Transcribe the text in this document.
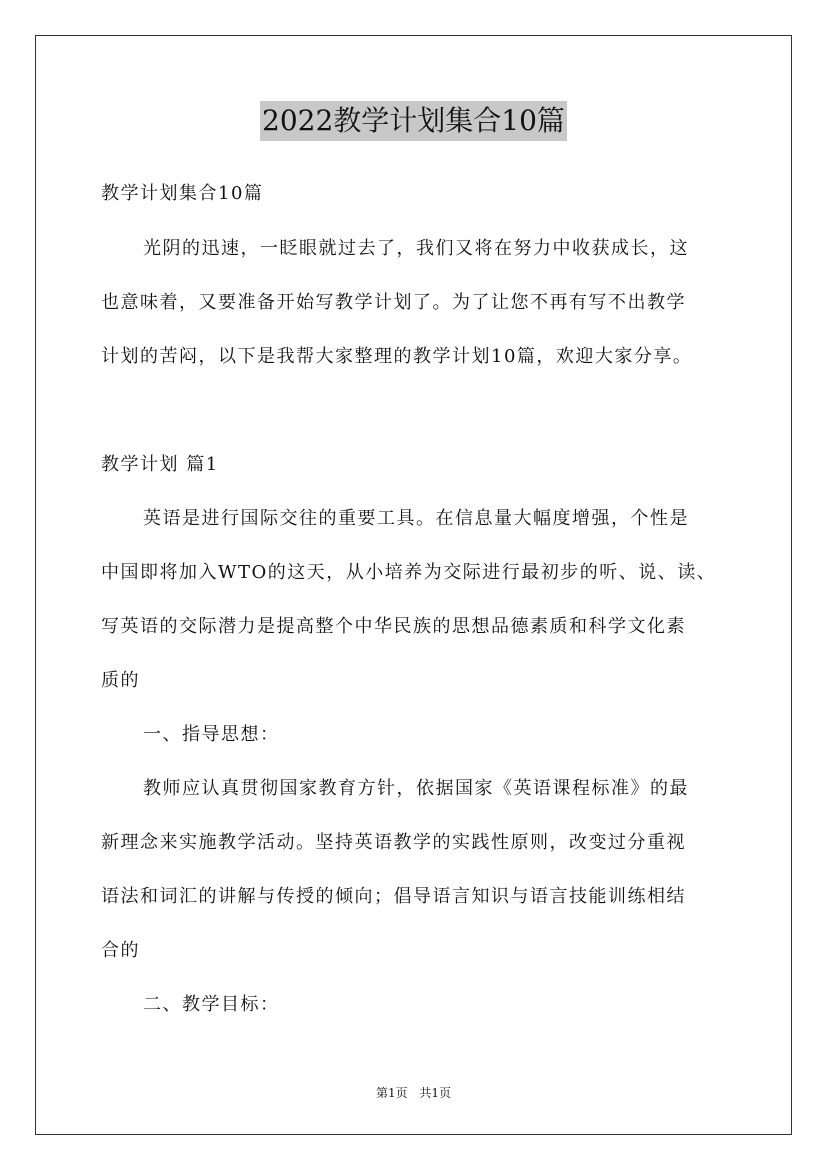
2022教学计划集合10篇
教学计划集合10篇
光阴的迅速，一眨眼就过去了，我们又将在努力中收获成长，这
也意味着，又要准备开始写教学计划了。为了让您不再有写不出教学
计划的苦闷，以下是我帮大家整理的教学计划10篇，欢迎大家分享。
教学计划 篇1
英语是进行国际交往的重要工具。在信息量大幅度增强，个性是
中国即将加入WTO的这天，从小培养为交际进行最初步的听、说、读、
写英语的交际潜力是提高整个中华民族的思想品德素质和科学文化素
质的
一、指导思想：
教师应认真贯彻国家教育方针，依据国家《英语课程标准》的最
新理念来实施教学活动。坚持英语教学的实践性原则，改变过分重视
语法和词汇的讲解与传授的倾向；倡导语言知识与语言技能训练相结
合的
二、教学目标：
第1页 共1页
